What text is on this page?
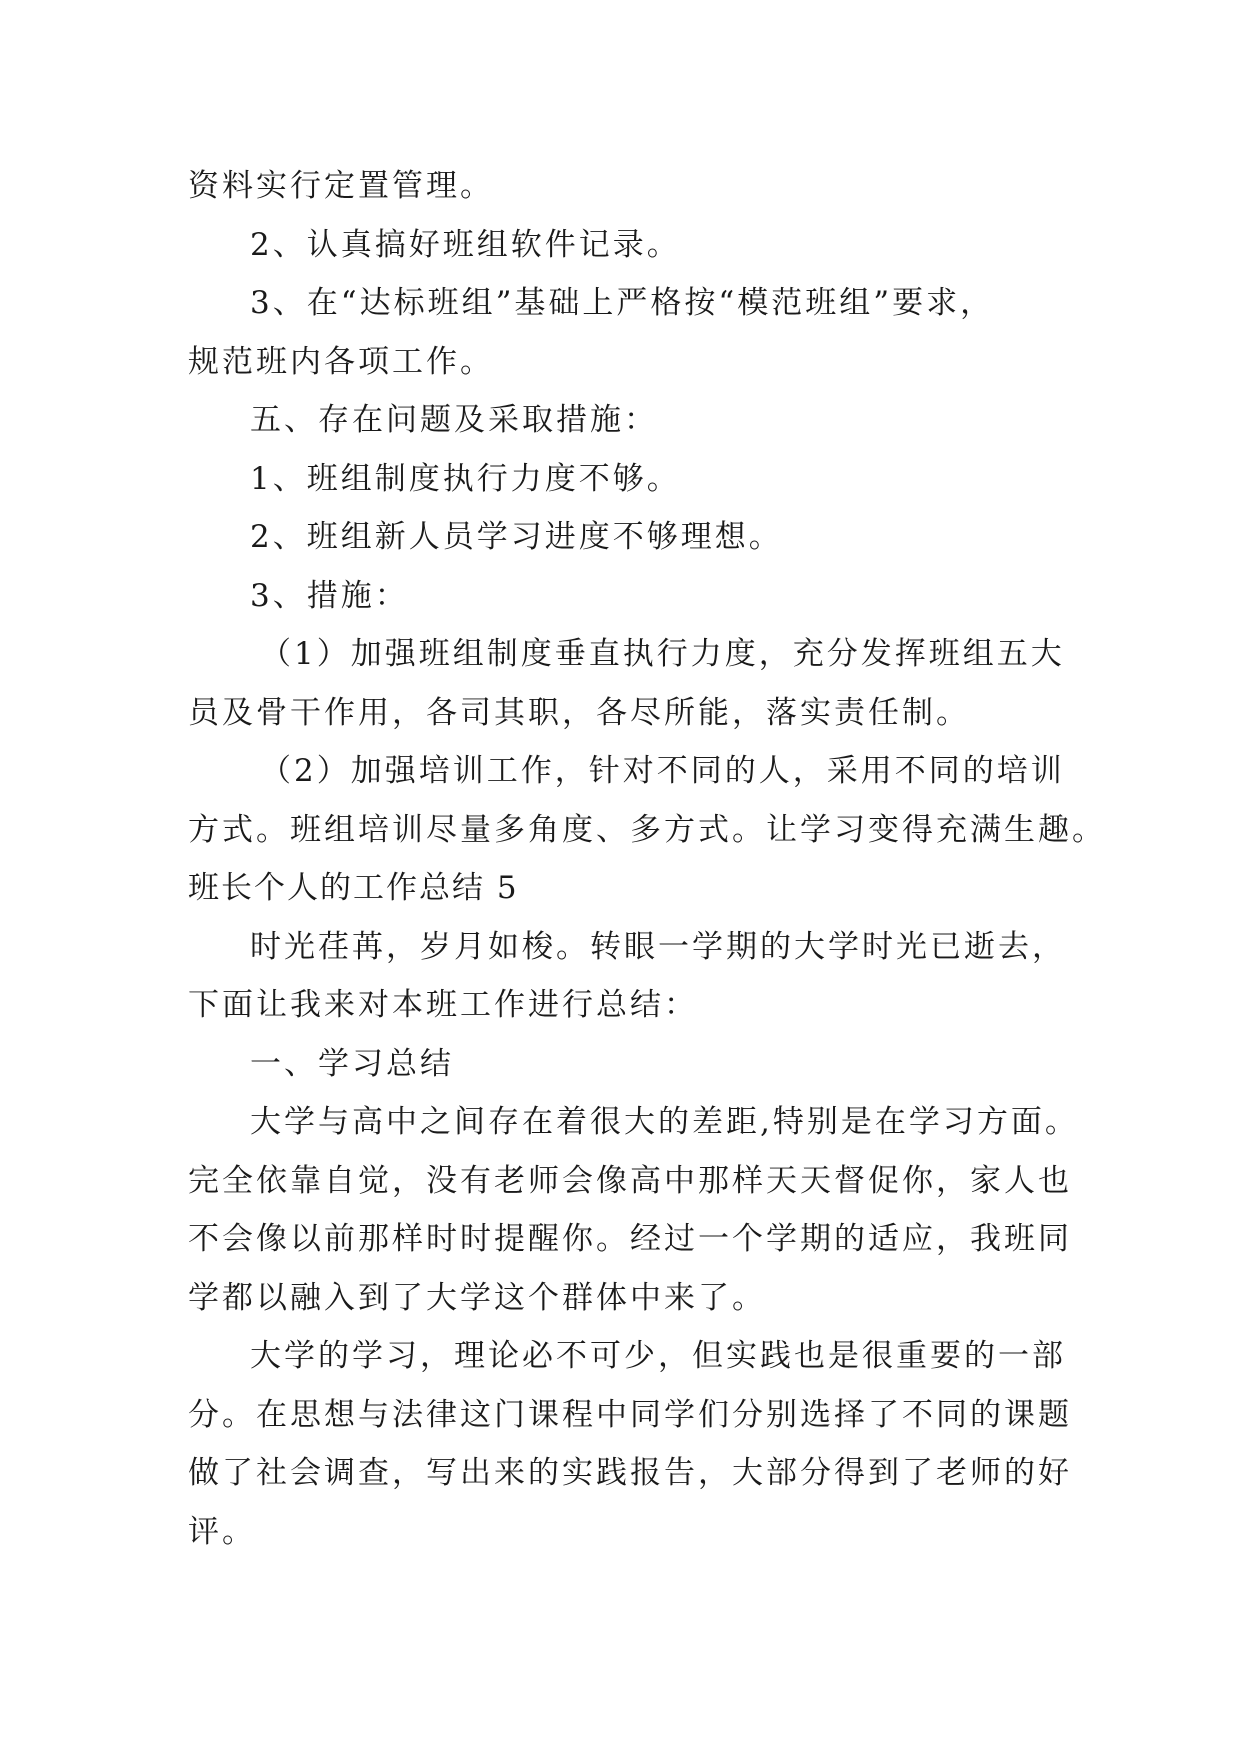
资料实行定置管理。

2、认真搞好班组软件记录。

3、在“达标班组”基础上严格按“模范班组”要求，

规范班内各项工作。

五、存在问题及采取措施：

1、班组制度执行力度不够。

2、班组新人员学习进度不够理想。

3、措施：

（1）加强班组制度垂直执行力度，充分发挥班组五大

员及骨干作用，各司其职，各尽所能，落实责任制。

（2）加强培训工作，针对不同的人，采用不同的培训

方式。班组培训尽量多角度、多方式。让学习变得充满生趣。

班长个人的工作总结 5

时光荏苒，岁月如梭。转眼一学期的大学时光已逝去，

下面让我来对本班工作进行总结：

一、学习总结

大学与高中之间存在着很大的差距,特别是在学习方面。

完全依靠自觉，没有老师会像高中那样天天督促你，家人也

不会像以前那样时时提醒你。经过一个学期的适应，我班同

学都以融入到了大学这个群体中来了。

大学的学习，理论必不可少，但实践也是很重要的一部

分。在思想与法律这门课程中同学们分别选择了不同的课题

做了社会调查，写出来的实践报告，大部分得到了老师的好

评。
